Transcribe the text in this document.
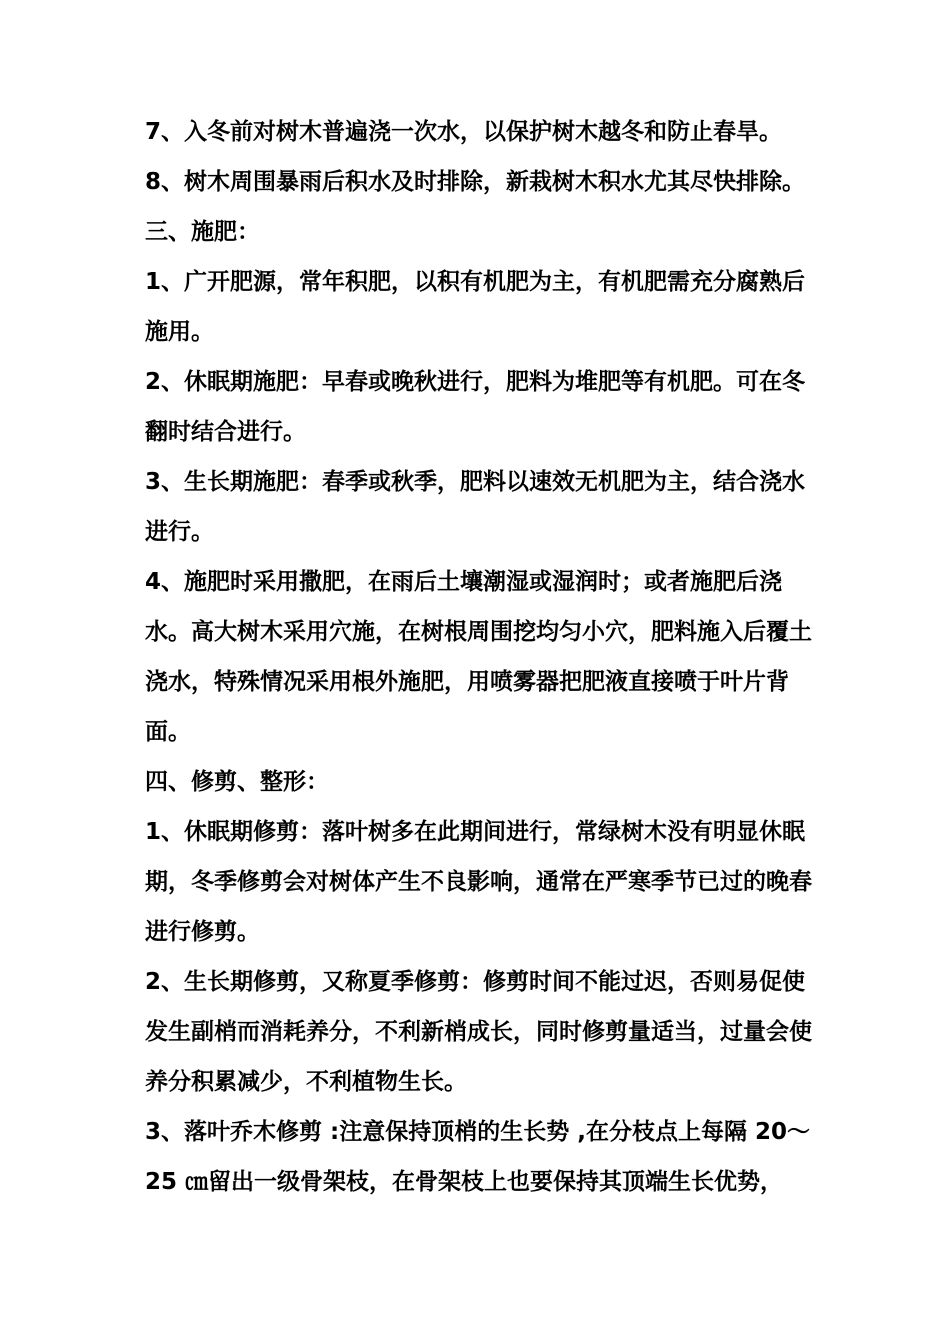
7、入冬前对树木普遍浇一次水，以保护树木越冬和防止春旱。

8、树木周围暴雨后积水及时排除，新栽树木积水尤其尽快排除。

三、施肥：

1、广开肥源，常年积肥，以积有机肥为主，有机肥需充分腐熟后施用。

2、休眠期施肥：早春或晚秋进行，肥料为堆肥等有机肥。可在冬翻时结合进行。

3、生长期施肥：春季或秋季，肥料以速效无机肥为主，结合浇水进行。

4、施肥时采用撒肥，在雨后土壤潮湿或湿润时；或者施肥后浇水。高大树木采用穴施，在树根周围挖均匀小穴，肥料施入后覆土浇水，特殊情况采用根外施肥，用喷雾器把肥液直接喷于叶片背面。

四、修剪、整形：

1、休眠期修剪：落叶树多在此期间进行，常绿树木没有明显休眠期，冬季修剪会对树体产生不良影响，通常在严寒季节已过的晚春进行修剪。

2、生长期修剪，又称夏季修剪：修剪时间不能过迟，否则易促使发生副梢而消耗养分，不利新梢成长，同时修剪量适当，过量会使养分积累减少，不利植物生长。

3、落叶乔木修剪 :注意保持顶梢的生长势 ,在分枝点上每隔 20～25 ㎝留出一级骨架枝，在骨架枝上也要保持其顶端生长优势，
